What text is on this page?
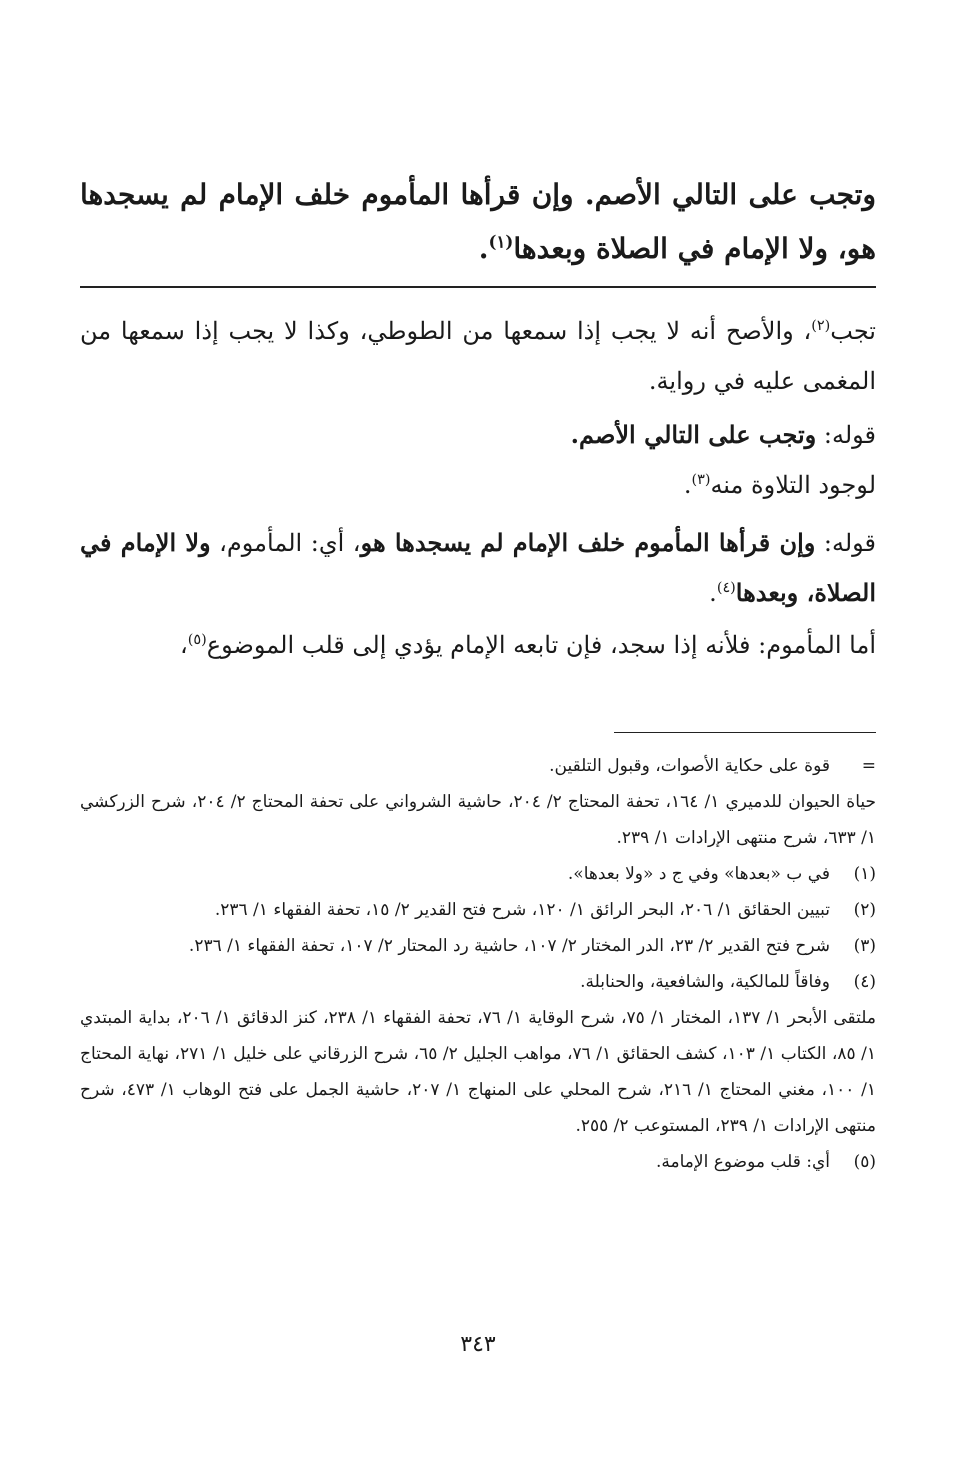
وتجب على التالي الأصم. وإن قرأها المأموم خلف الإمام لم يسجدها هو، ولا الإمام في الصلاة وبعدها$^{(١)}$.
تجب$^{(٢)}$، والأصح أنه لا يجب إذا سمعها من الطوطي، وكذا لا يجب إذا سمعها من المغمى عليه في رواية.
قوله: وتجب على التالي الأصم.
لوجود التلاوة منه$^{(٣)}$.
قوله: وإن قرأها المأموم خلف الإمام لم يسجدها هو، أي: المأموم، ولا الإمام في الصلاة، وبعدها$^{(٤)}$.
أما المأموم: فلأنه إذا سجد، فإن تابعه الإمام يؤدي إلى قلب الموضوع$^{(٥)}$،
=
قوة على حكاية الأصوات، وقبول التلقين.
حياة الحيوان للدميري ١/ ١٦٤، تحفة المحتاج ٢/ ٢٠٤، حاشية الشرواني على تحفة المحتاج ٢/ ٢٠٤، شرح الزركشي ١/ ٦٣٣، شرح منتهى الإرادات ١/ ٢٣٩.
(١)
في ب «بعدها» وفي ج د «ولا بعدها».
(٢)
تبيين الحقائق ١/ ٢٠٦، البحر الرائق ١/ ١٢٠، شرح فتح القدير ٢/ ١٥، تحفة الفقهاء ١/ ٢٣٦.
(٣)
شرح فتح القدير ٢/ ٢٣، الدر المختار ٢/ ١٠٧، حاشية رد المحتار ٢/ ١٠٧، تحفة الفقهاء ١/ ٢٣٦.
(٤)
وفاقاً للمالكية، والشافعية، والحنابلة.
ملتقى الأبحر ١/ ١٣٧، المختار ١/ ٧٥، شرح الوقاية ١/ ٧٦، تحفة الفقهاء ١/ ٢٣٨، كنز الدقائق ١/ ٢٠٦، بداية المبتدي ١/ ٨٥، الكتاب ١/ ١٠٣، كشف الحقائق ١/ ٧٦، مواهب الجليل ٢/ ٦٥، شرح الزرقاني على خليل ١/ ٢٧١، نهاية المحتاج ١/ ١٠٠، مغني المحتاج ١/ ٢١٦، شرح المحلي على المنهاج ١/ ٢٠٧، حاشية الجمل على فتح الوهاب ١/ ٤٧٣، شرح منتهى الإرادات ١/ ٢٣٩، المستوعب ٢/ ٢٥٥.
(٥)
أي: قلب موضوع الإمامة.
٣٤٣
